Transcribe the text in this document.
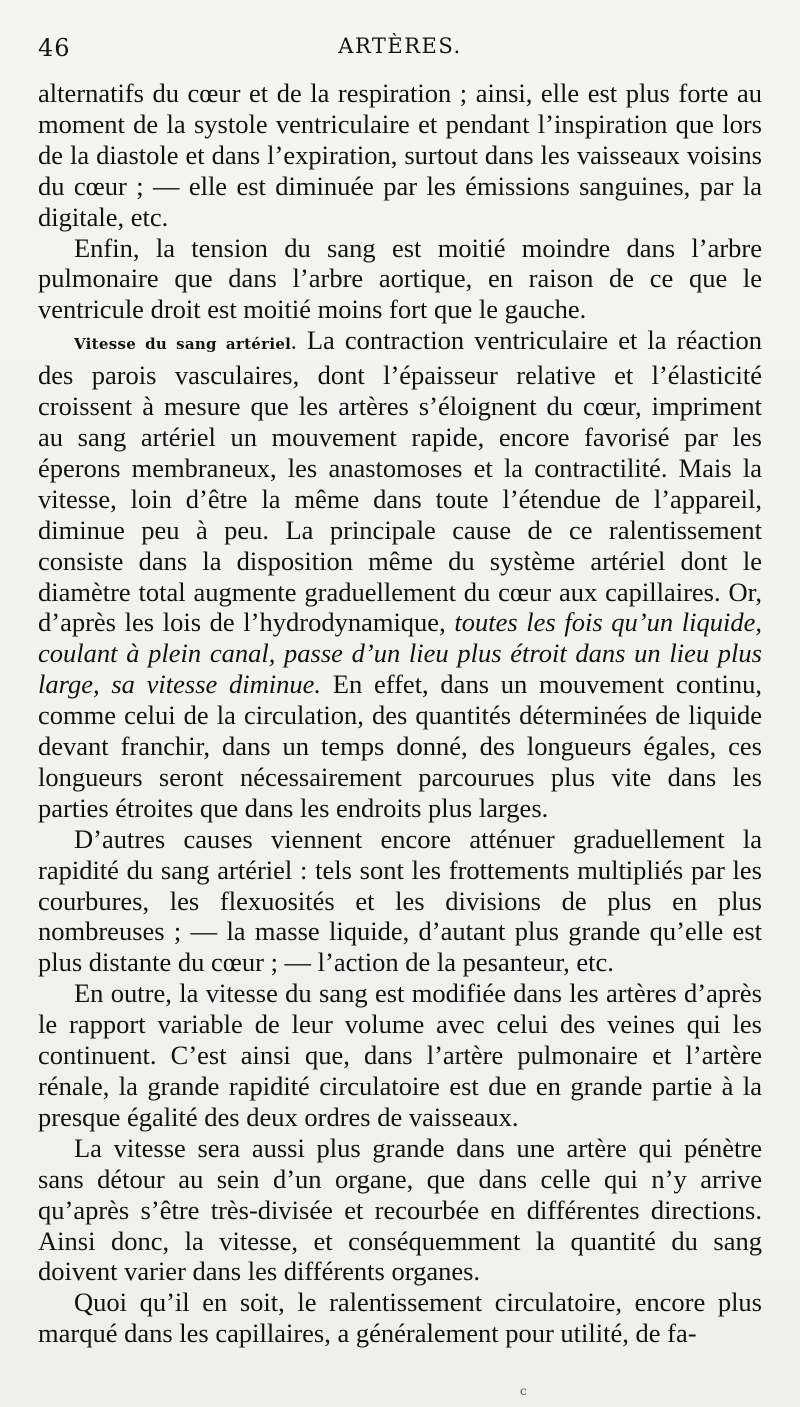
46	ARTÈRES.

alternatifs du cœur et de la respiration ; ainsi, elle est plus forte au moment de la systole ventriculaire et pendant l’inspiration que lors de la diastole et dans l’expiration, surtout dans les vaisseaux voisins du cœur ; — elle est diminuée par les émissions sanguines, par la digitale, etc.

Enfin, la tension du sang est moitié moindre dans l’arbre pulmonaire que dans l’arbre aortique, en raison de ce que le ventricule droit est moitié moins fort que le gauche.

Vitesse du sang artériel. La contraction ventriculaire et la réaction des parois vasculaires, dont l’épaisseur relative et l’élasticité croissent à mesure que les artères s’éloignent du cœur, impriment au sang artériel un mouvement rapide, encore favorisé par les éperons membraneux, les anastomoses et la contractilité. Mais la vitesse, loin d’être la même dans toute l’étendue de l’appareil, diminue peu à peu. La principale cause de ce ralentissement consiste dans la disposition même du système artériel dont le diamètre total augmente graduellement du cœur aux capillaires. Or, d’après les lois de l’hydrodynamique, toutes les fois qu’un liquide, coulant à plein canal, passe d’un lieu plus étroit dans un lieu plus large, sa vitesse diminue. En effet, dans un mouvement continu, comme celui de la circulation, des quantités déterminées de liquide devant franchir, dans un temps donné, des longueurs égales, ces longueurs seront nécessairement parcourues plus vite dans les parties étroites que dans les endroits plus larges.

D’autres causes viennent encore atténuer graduellement la rapidité du sang artériel : tels sont les frottements multipliés par les courbures, les flexuosités et les divisions de plus en plus nombreuses ; — la masse liquide, d’autant plus grande qu’elle est plus distante du cœur ; — l’action de la pesanteur, etc.

En outre, la vitesse du sang est modifiée dans les artères d’après le rapport variable de leur volume avec celui des veines qui les continuent. C’est ainsi que, dans l’artère pulmonaire et l’artère rénale, la grande rapidité circulatoire est due en grande partie à la presque égalité des deux ordres de vaisseaux.

La vitesse sera aussi plus grande dans une artère qui pénètre sans détour au sein d’un organe, que dans celle qui n’y arrive qu’après s’être très-divisée et recourbée en différentes directions. Ainsi donc, la vitesse, et conséquemment la quantité du sang doivent varier dans les différents organes.

Quoi qu’il en soit, le ralentissement circulatoire, encore plus marqué dans les capillaires, a généralement pour utilité, de fa-

c
